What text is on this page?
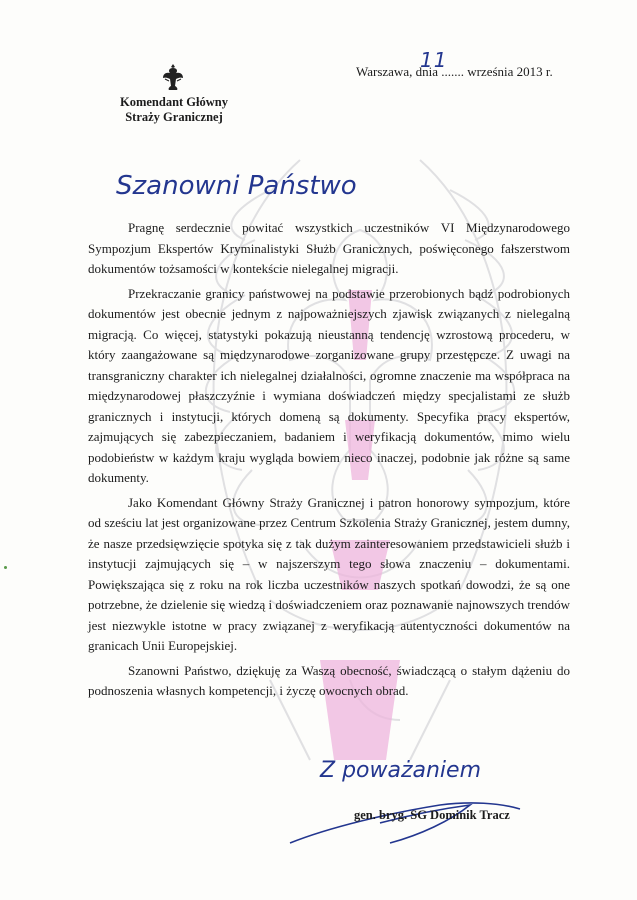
Komendant Główny
Straży Granicznej
Warszawa, dnia ....... września 2013 r.
11
Szanowni Państwo

Pragnę serdecznie powitać wszystkich uczestników VI Międzynarodowego Sympozjum Ekspertów Kryminalistyki Służb Granicznych, poświęconego fałszerstwom dokumentów tożsamości w kontekście nielegalnej migracji.

Przekraczanie granicy państwowej na podstawie przerobionych bądź podrobionych dokumentów jest obecnie jednym z najpoważniejszych zjawisk związanych z nielegalną migracją. Co więcej, statystyki pokazują nieustanną tendencję wzrostową procederu, w który zaangażowane są międzynarodowe zorganizowane grupy przestępcze. Z uwagi na transgraniczny charakter ich nielegalnej działalności, ogromne znaczenie ma współpraca na międzynarodowej płaszczyźnie i wymiana doświadczeń między specjalistami ze służb granicznych i instytucji, których domeną są dokumenty. Specyfika pracy ekspertów, zajmujących się zabezpieczaniem, badaniem i weryfikacją dokumentów, mimo wielu podobieństw w każdym kraju wygląda bowiem nieco inaczej, podobnie jak różne są same dokumenty.

Jako Komendant Główny Straży Granicznej i patron honorowy sympozjum, które od sześciu lat jest organizowane przez Centrum Szkolenia Straży Granicznej, jestem dumny, że nasze przedsięwzięcie spotyka się z tak dużym zainteresowaniem przedstawicieli służb i instytucji zajmujących się – w najszerszym tego słowa znaczeniu – dokumentami. Powiększająca się z roku na rok liczba uczestników naszych spotkań dowodzi, że są one potrzebne, że dzielenie się wiedzą i doświadczeniem oraz poznawanie najnowszych trendów jest niezwykle istotne w pracy związanej z weryfikacją autentyczności dokumentów na granicach Unii Europejskiej.

Szanowni Państwo, dziękuję za Waszą obecność, świadczącą o stałym dążeniu do podnoszenia własnych kompetencji, i życzę owocnych obrad.

Z poważaniem
gen. bryg. SG Dominik Tracz
